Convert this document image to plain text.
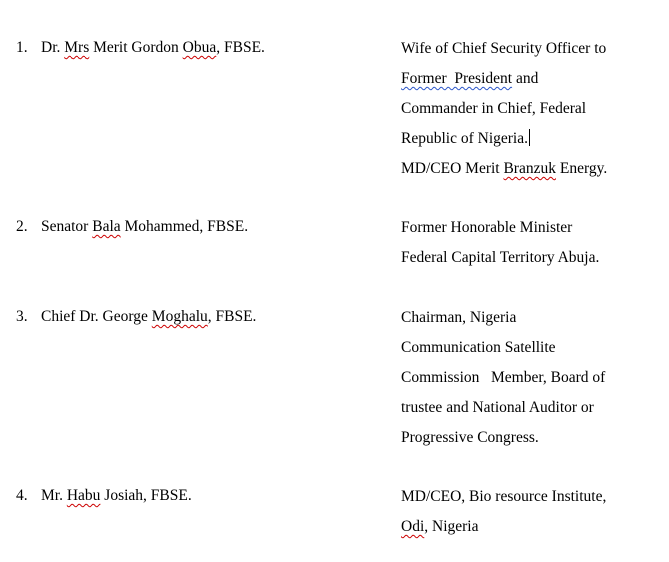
1. Dr. Mrs Merit Gordon Obua, FBSE.	Wife of Chief Security Officer to
Former  President and
Commander in Chief, Federal
Republic of Nigeria.
MD/CEO Merit Branzuk Energy.
2. Senator Bala Mohammed, FBSE.	Former Honorable Minister
Federal Capital Territory Abuja.
3. Chief Dr. George Moghalu, FBSE.	Chairman, Nigeria
Communication Satellite
Commission   Member, Board of
trustee and National Auditor or
Progressive Congress.
4. Mr. Habu Josiah, FBSE.	MD/CEO, Bio resource Institute,
Odi, Nigeria
